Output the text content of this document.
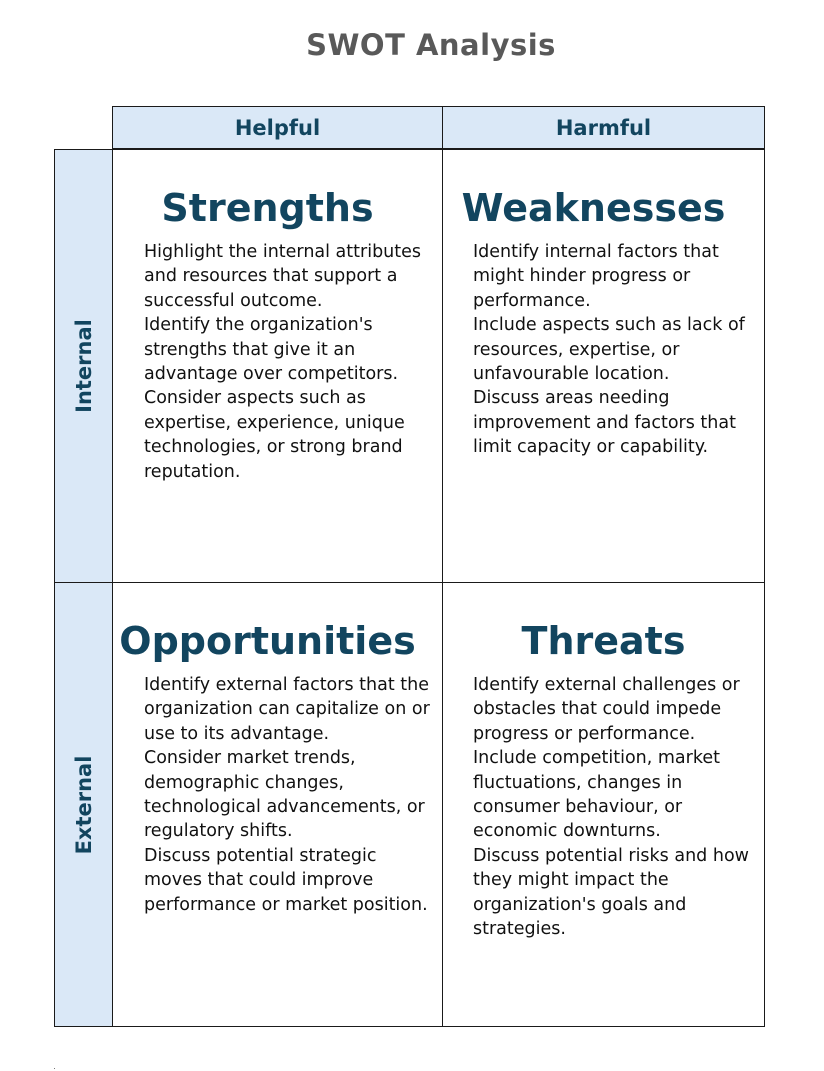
SWOT Analysis
Helpful	Harmful
Internal
External
Strengths

Highlight the internal attributes and resources that support a successful outcome.

Identify the organization's strengths that give it an advantage over competitors.

Consider aspects such as expertise, experience, unique technologies, or strong brand reputation.

Weaknesses

Identify internal factors that might hinder progress or performance.

Include aspects such as lack of resources, expertise, or unfavourable location.

Discuss areas needing improvement and factors that limit capacity or capability.

Opportunities

Identify external factors that the organization can capitalize on or use to its advantage.

Consider market trends, demographic changes, technological advancements, or regulatory shifts.

Discuss potential strategic moves that could improve performance or market position.

Threats

Identify external challenges or obstacles that could impede progress or performance.

Include competition, market fluctuations, changes in consumer behaviour, or economic downturns.

Discuss potential risks and how they might impact the organization's goals and strategies.
